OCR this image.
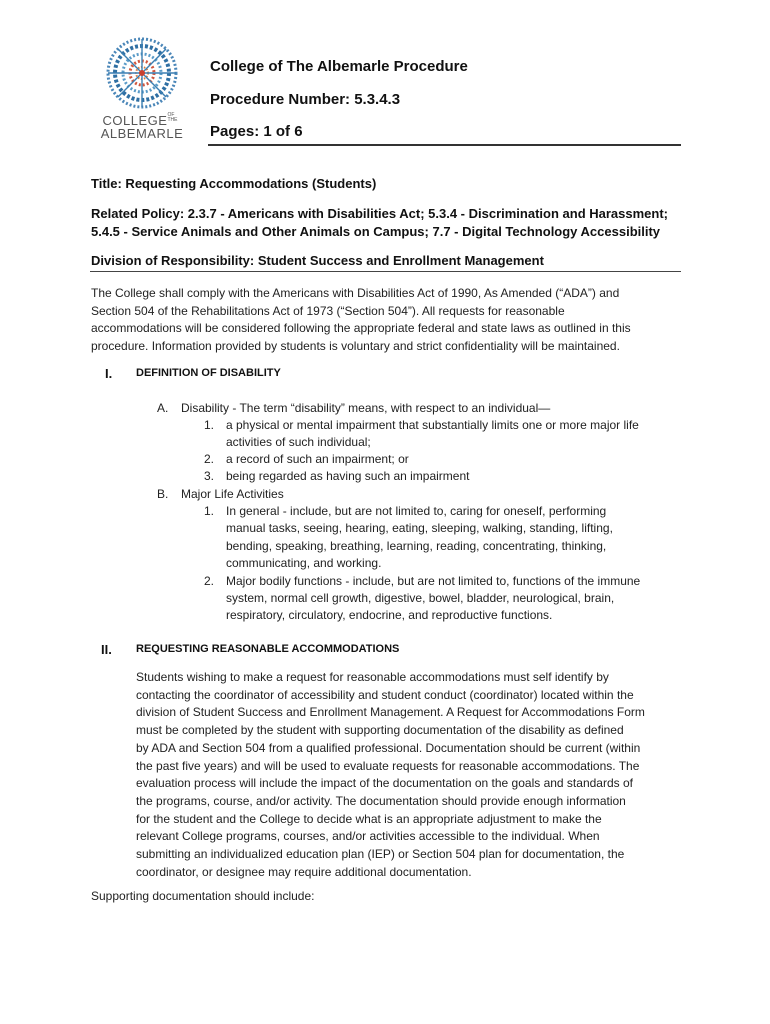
COLLEGEOF THE
ALBEMARLE
College of The Albemarle Procedure
Procedure Number: 5.3.4.3
Pages: 1 of 6
Title: Requesting Accommodations (Students)
Related Policy: 2.3.7 - Americans with Disabilities Act; 5.3.4 - Discrimination and Harassment;
5.4.5 - Service Animals and Other Animals on Campus; 7.7 - Digital Technology Accessibility
Division of Responsibility: Student Success and Enrollment Management

The College shall comply with the Americans with Disabilities Act of 1990, As Amended (“ADA”) and

Section 504 of the Rehabilitations Act of 1973 (“Section 504”). All requests for reasonable

accommodations will be considered following the appropriate federal and state laws as outlined in this

procedure. Information provided by students is voluntary and strict confidentiality will be maintained.

I. DEFINITION OF DISABILITY
A. Disability - The term “disability” means, with respect to an individual—
1. a physical or mental impairment that substantially limits one or more major life
activities of such individual;
2. a record of such an impairment; or
3. being regarded as having such an impairment
B. Major Life Activities
1. In general - include, but are not limited to, caring for oneself, performing
manual tasks, seeing, hearing, eating, sleeping, walking, standing, lifting,
bending, speaking, breathing, learning, reading, concentrating, thinking,
communicating, and working.
2. Major bodily functions - include, but are not limited to, functions of the immune
system, normal cell growth, digestive, bowel, bladder, neurological, brain,
respiratory, circulatory, endocrine, and reproductive functions.
II. REQUESTING REASONABLE ACCOMMODATIONS

Students wishing to make a request for reasonable accommodations must self identify by

contacting the coordinator of accessibility and student conduct (coordinator) located within the

division of Student Success and Enrollment Management. A Request for Accommodations Form

must be completed by the student with supporting documentation of the disability as defined

by ADA and Section 504 from a qualified professional. Documentation should be current (within

the past five years) and will be used to evaluate requests for reasonable accommodations. The

evaluation process will include the impact of the documentation on the goals and standards of

the programs, course, and/or activity. The documentation should provide enough information

for the student and the College to decide what is an appropriate adjustment to make the

relevant College programs, courses, and/or activities accessible to the individual. When

submitting an individualized education plan (IEP) or Section 504 plan for documentation, the

coordinator, or designee may require additional documentation.

Supporting documentation should include:
